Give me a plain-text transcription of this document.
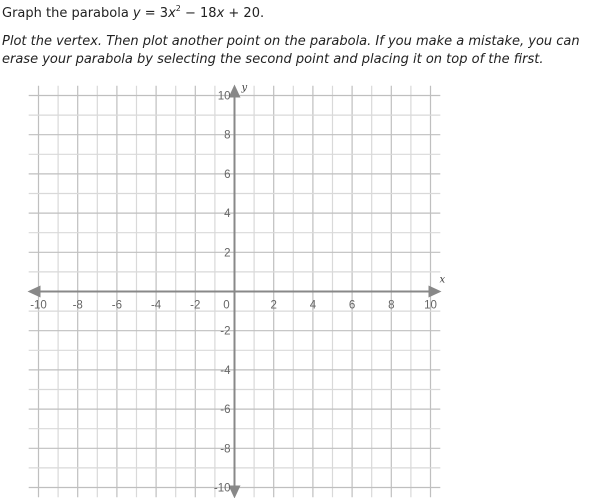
Graph the parabola $y = 3x^2 - 18x + 20$.
Plot the vertex. Then plot another point on the parabola. If you make a mistake, you can erase your parabola by selecting the second point and placing it on top of the first.
-10 -8	-6	-4	-2 0	2	4	6	8	10
10
8
6
4
2
-2
-4
-6
-8
-10
x
y
